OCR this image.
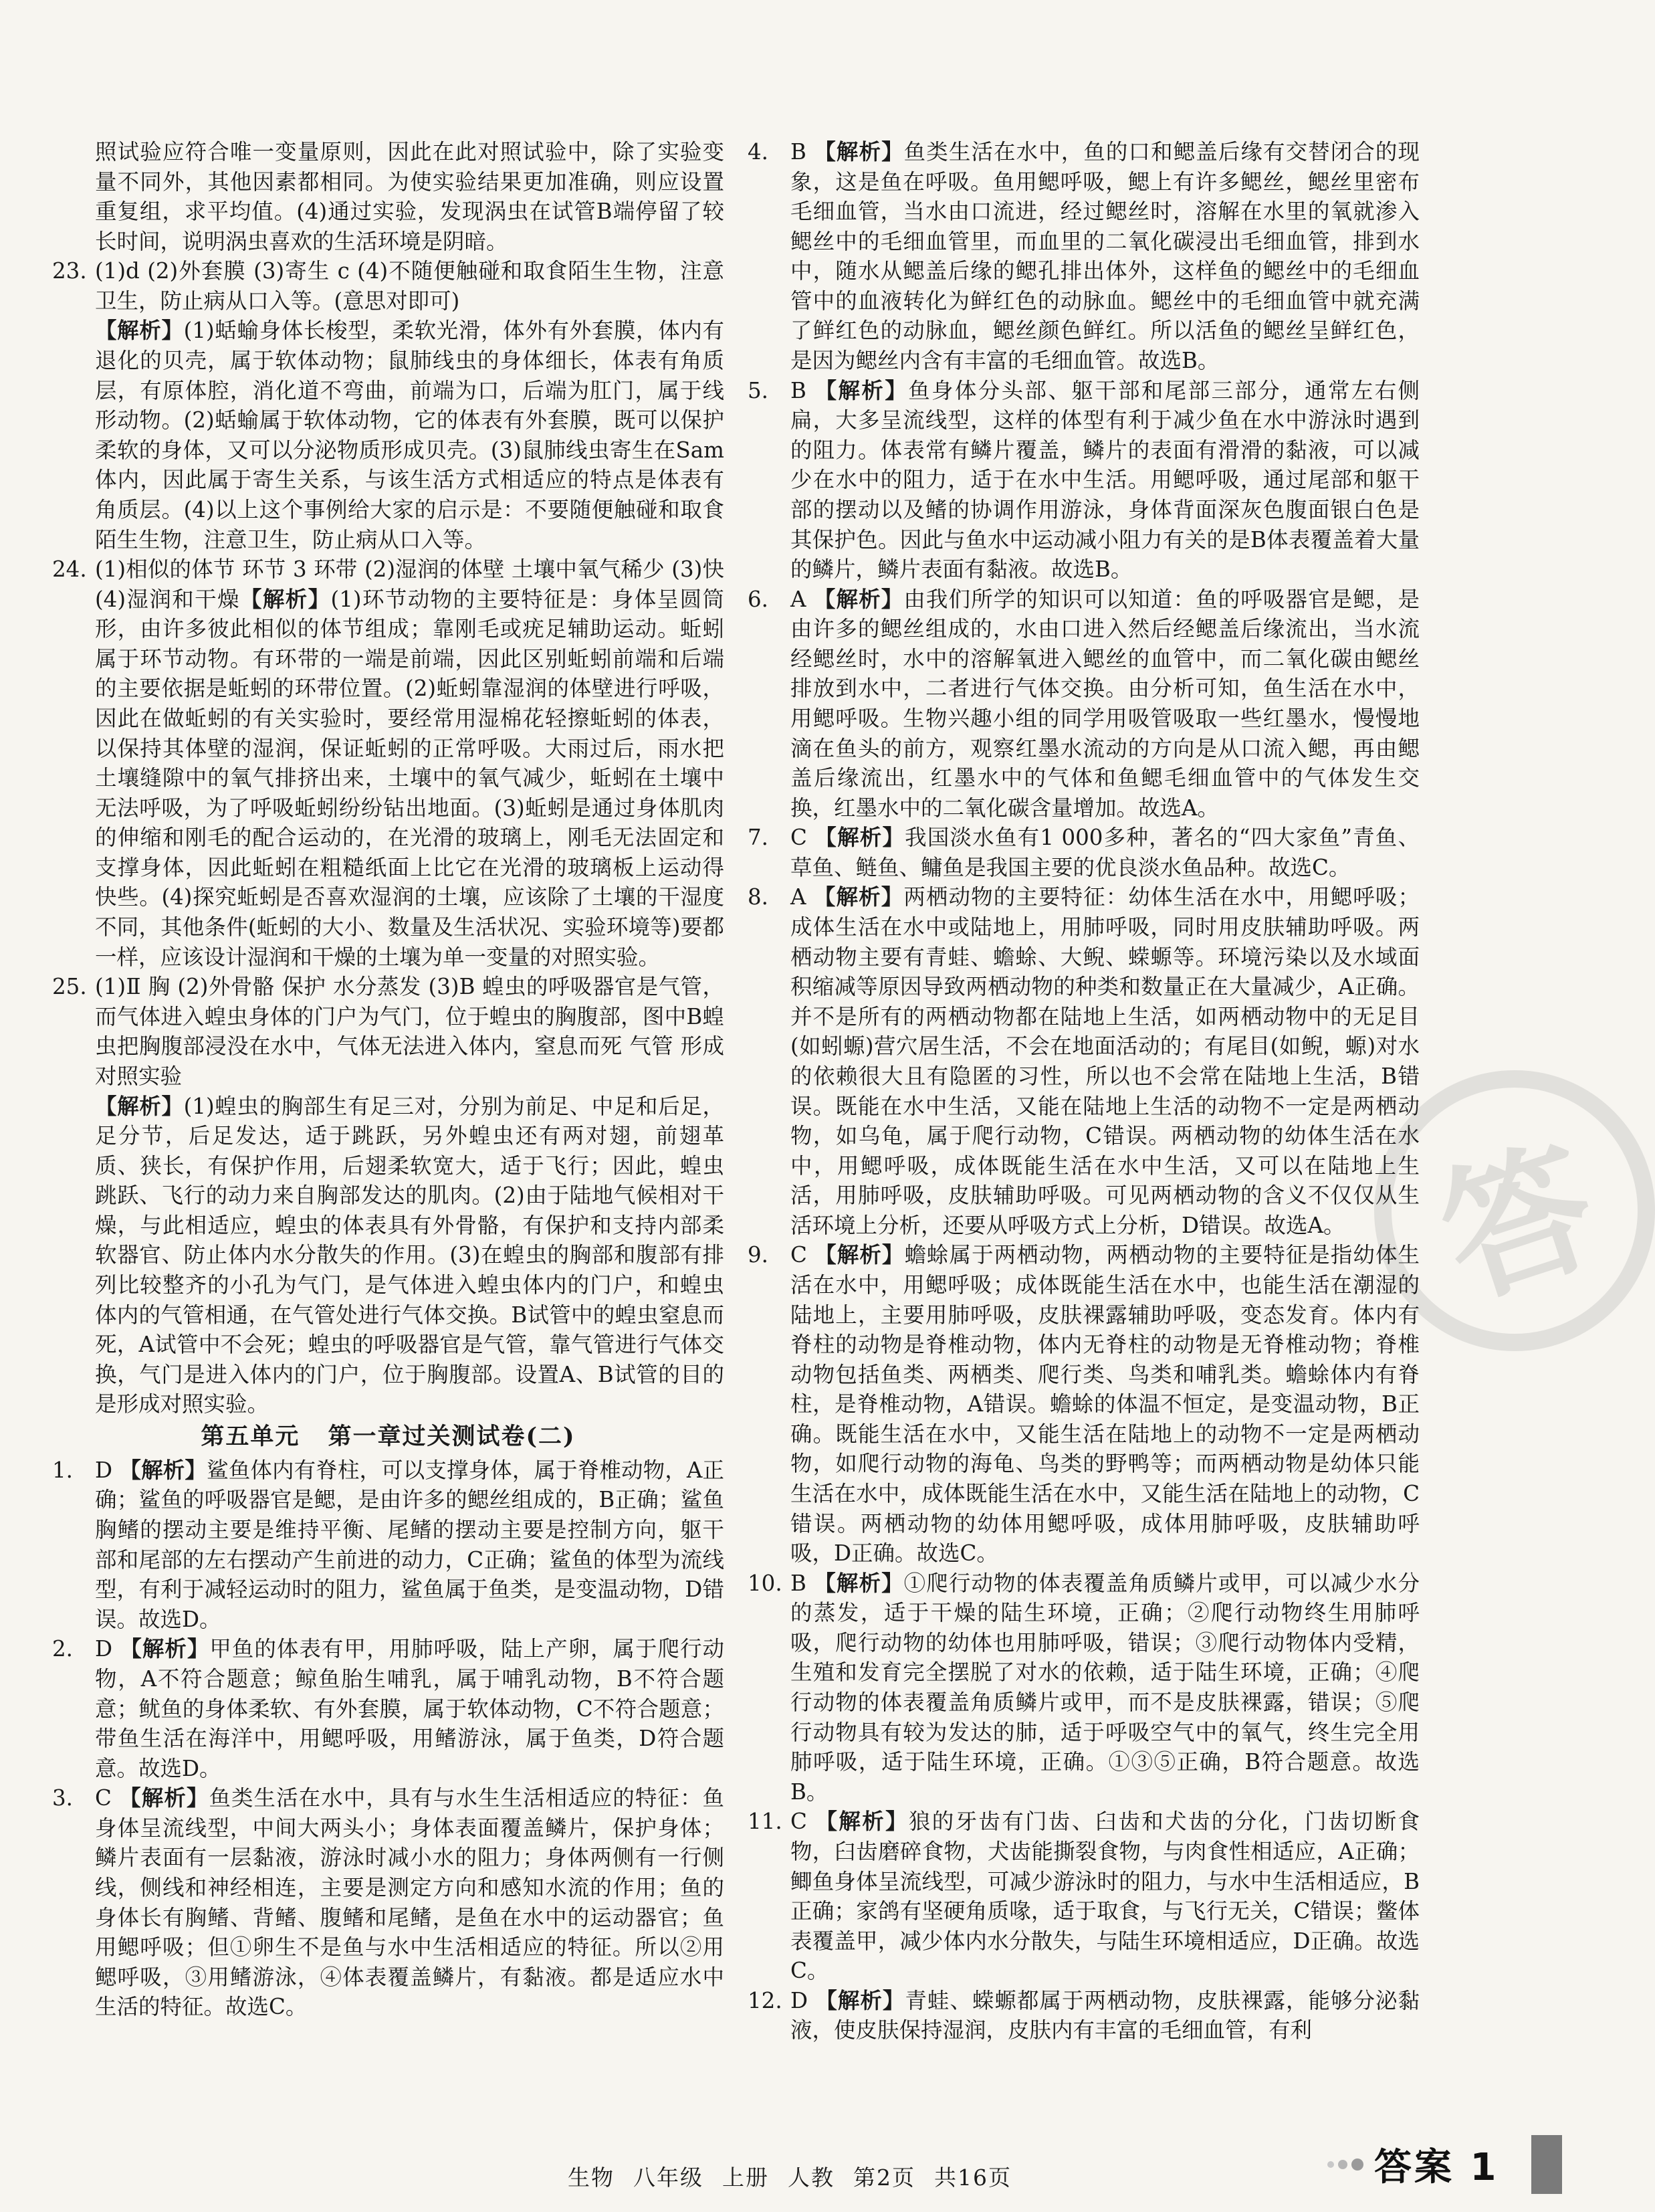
答

照试验应符合唯一变量原则，因此在此对照试验中，除了实验变量不同外，其他因素都相同。为使实验结果更加准确，则应设置重复组，求平均值。(4)通过实验，发现涡虫在试管B端停留了较长时间，说明涡虫喜欢的生活环境是阴暗。

23. (1)d (2)外套膜 (3)寄生 c (4)不随便触碰和取食陌生生物，注意卫生，防止病从口入等。(意思对即可)

【解析】(1)蛞蝓身体长梭型，柔软光滑，体外有外套膜，体内有退化的贝壳，属于软体动物；鼠肺线虫的身体细长，体表有角质层，有原体腔，消化道不弯曲，前端为口，后端为肛门，属于线形动物。(2)蛞蝓属于软体动物，它的体表有外套膜，既可以保护柔软的身体，又可以分泌物质形成贝壳。(3)鼠肺线虫寄生在Sam体内，因此属于寄生关系，与该生活方式相适应的特点是体表有角质层。(4)以上这个事例给大家的启示是：不要随便触碰和取食陌生生物，注意卫生，防止病从口入等。

24. (1)相似的体节 环节 3 环带 (2)湿润的体壁 土壤中氧气稀少 (3)快 (4)湿润和干燥【解析】(1)环节动物的主要特征是：身体呈圆筒形，由许多彼此相似的体节组成；靠刚毛或疣足辅助运动。蚯蚓属于环节动物。有环带的一端是前端，因此区别蚯蚓前端和后端的主要依据是蚯蚓的环带位置。(2)蚯蚓靠湿润的体壁进行呼吸，因此在做蚯蚓的有关实验时，要经常用湿棉花轻擦蚯蚓的体表，以保持其体壁的湿润，保证蚯蚓的正常呼吸。大雨过后，雨水把土壤缝隙中的氧气排挤出来，土壤中的氧气减少，蚯蚓在土壤中无法呼吸，为了呼吸蚯蚓纷纷钻出地面。(3)蚯蚓是通过身体肌肉的伸缩和刚毛的配合运动的，在光滑的玻璃上，刚毛无法固定和支撑身体，因此蚯蚓在粗糙纸面上比它在光滑的玻璃板上运动得快些。(4)探究蚯蚓是否喜欢湿润的土壤，应该除了土壤的干湿度不同，其他条件(蚯蚓的大小、数量及生活状况、实验环境等)要都一样，应该设计湿润和干燥的土壤为单一变量的对照实验。

25. (1)Ⅱ 胸 (2)外骨骼 保护 水分蒸发 (3)B 蝗虫的呼吸器官是气管，而气体进入蝗虫身体的门户为气门，位于蝗虫的胸腹部，图中B蝗虫把胸腹部浸没在水中，气体无法进入体内，窒息而死 气管 形成对照实验

【解析】(1)蝗虫的胸部生有足三对，分别为前足、中足和后足，足分节，后足发达，适于跳跃，另外蝗虫还有两对翅，前翅革质、狭长，有保护作用，后翅柔软宽大，适于飞行；因此，蝗虫跳跃、飞行的动力来自胸部发达的肌肉。(2)由于陆地气候相对干燥，与此相适应，蝗虫的体表具有外骨骼，有保护和支持内部柔软器官、防止体内水分散失的作用。(3)在蝗虫的胸部和腹部有排列比较整齐的小孔为气门，是气体进入蝗虫体内的门户，和蝗虫体内的气管相通，在气管处进行气体交换。B试管中的蝗虫窒息而死，A试管中不会死；蝗虫的呼吸器官是气管，靠气管进行气体交换，气门是进入体内的门户，位于胸腹部。设置A、B试管的目的是形成对照实验。

第五单元 第一章过关测试卷(二)

1. D 【解析】鲨鱼体内有脊柱，可以支撑身体，属于脊椎动物，A正确；鲨鱼的呼吸器官是鳃，是由许多的鳃丝组成的，B正确；鲨鱼胸鳍的摆动主要是维持平衡、尾鳍的摆动主要是控制方向，躯干部和尾部的左右摆动产生前进的动力，C正确；鲨鱼的体型为流线型，有利于减轻运动时的阻力，鲨鱼属于鱼类，是变温动物，D错误。故选D。

2. D 【解析】甲鱼的体表有甲，用肺呼吸，陆上产卵，属于爬行动物，A不符合题意；鲸鱼胎生哺乳，属于哺乳动物，B不符合题意；鱿鱼的身体柔软、有外套膜，属于软体动物，C不符合题意；带鱼生活在海洋中，用鳃呼吸，用鳍游泳，属于鱼类，D符合题意。故选D。

3. C 【解析】鱼类生活在水中，具有与水生生活相适应的特征：鱼身体呈流线型，中间大两头小；身体表面覆盖鳞片，保护身体；鳞片表面有一层黏液，游泳时减小水的阻力；身体两侧有一行侧线，侧线和神经相连，主要是测定方向和感知水流的作用；鱼的身体长有胸鳍、背鳍、腹鳍和尾鳍，是鱼在水中的运动器官；鱼用鳃呼吸；但①卵生不是鱼与水中生活相适应的特征。所以②用鳃呼吸，③用鳍游泳，④体表覆盖鳞片，有黏液。都是适应水中生活的特征。故选C。

4. B 【解析】鱼类生活在水中，鱼的口和鳃盖后缘有交替闭合的现象，这是鱼在呼吸。鱼用鳃呼吸，鳃上有许多鳃丝，鳃丝里密布毛细血管，当水由口流进，经过鳃丝时，溶解在水里的氧就渗入鳃丝中的毛细血管里，而血里的二氧化碳浸出毛细血管，排到水中，随水从鳃盖后缘的鳃孔排出体外，这样鱼的鳃丝中的毛细血管中的血液转化为鲜红色的动脉血。鳃丝中的毛细血管中就充满了鲜红色的动脉血，鳃丝颜色鲜红。所以活鱼的鳃丝呈鲜红色，是因为鳃丝内含有丰富的毛细血管。故选B。

5. B 【解析】鱼身体分头部、躯干部和尾部三部分，通常左右侧扁，大多呈流线型，这样的体型有利于减少鱼在水中游泳时遇到的阻力。体表常有鳞片覆盖，鳞片的表面有滑滑的黏液，可以减少在水中的阻力，适于在水中生活。用鳃呼吸，通过尾部和躯干部的摆动以及鳍的协调作用游泳，身体背面深灰色腹面银白色是其保护色。因此与鱼水中运动减小阻力有关的是B体表覆盖着大量的鳞片，鳞片表面有黏液。故选B。

6. A 【解析】由我们所学的知识可以知道：鱼的呼吸器官是鳃，是由许多的鳃丝组成的，水由口进入然后经鳃盖后缘流出，当水流经鳃丝时，水中的溶解氧进入鳃丝的血管中，而二氧化碳由鳃丝排放到水中，二者进行气体交换。由分析可知，鱼生活在水中，用鳃呼吸。生物兴趣小组的同学用吸管吸取一些红墨水，慢慢地滴在鱼头的前方，观察红墨水流动的方向是从口流入鳃，再由鳃盖后缘流出，红墨水中的气体和鱼鳃毛细血管中的气体发生交换，红墨水中的二氧化碳含量增加。故选A。

7. C 【解析】我国淡水鱼有1 000多种，著名的“四大家鱼”青鱼、草鱼、鲢鱼、鳙鱼是我国主要的优良淡水鱼品种。故选C。

8. A 【解析】两栖动物的主要特征：幼体生活在水中，用鳃呼吸；成体生活在水中或陆地上，用肺呼吸，同时用皮肤辅助呼吸。两栖动物主要有青蛙、蟾蜍、大鲵、蝾螈等。环境污染以及水域面积缩减等原因导致两栖动物的种类和数量正在大量减少，A正确。并不是所有的两栖动物都在陆地上生活，如两栖动物中的无足目(如蚓螈)营穴居生活，不会在地面活动的；有尾目(如鲵，螈)对水的依赖很大且有隐匿的习性，所以也不会常在陆地上生活，B错误。既能在水中生活，又能在陆地上生活的动物不一定是两栖动物，如乌龟，属于爬行动物，C错误。两栖动物的幼体生活在水中，用鳃呼吸，成体既能生活在水中生活，又可以在陆地上生活，用肺呼吸，皮肤辅助呼吸。可见两栖动物的含义不仅仅从生活环境上分析，还要从呼吸方式上分析，D错误。故选A。

9. C 【解析】蟾蜍属于两栖动物，两栖动物的主要特征是指幼体生活在水中，用鳃呼吸；成体既能生活在水中，也能生活在潮湿的陆地上，主要用肺呼吸，皮肤裸露辅助呼吸，变态发育。体内有脊柱的动物是脊椎动物，体内无脊柱的动物是无脊椎动物；脊椎动物包括鱼类、两栖类、爬行类、鸟类和哺乳类。蟾蜍体内有脊柱，是脊椎动物，A错误。蟾蜍的体温不恒定，是变温动物，B正确。既能生活在水中，又能生活在陆地上的动物不一定是两栖动物，如爬行动物的海龟、鸟类的野鸭等；而两栖动物是幼体只能生活在水中，成体既能生活在水中，又能生活在陆地上的动物，C错误。两栖动物的幼体用鳃呼吸，成体用肺呼吸，皮肤辅助呼吸，D正确。故选C。

10. B 【解析】①爬行动物的体表覆盖角质鳞片或甲，可以减少水分的蒸发，适于干燥的陆生环境，正确；②爬行动物终生用肺呼吸，爬行动物的幼体也用肺呼吸，错误；③爬行动物体内受精，生殖和发育完全摆脱了对水的依赖，适于陆生环境，正确；④爬行动物的体表覆盖角质鳞片或甲，而不是皮肤裸露，错误；⑤爬行动物具有较为发达的肺，适于呼吸空气中的氧气，终生完全用肺呼吸，适于陆生环境，正确。①③⑤正确，B符合题意。故选B。

11. C 【解析】狼的牙齿有门齿、臼齿和犬齿的分化，门齿切断食物，臼齿磨碎食物，犬齿能撕裂食物，与肉食性相适应，A正确；鲫鱼身体呈流线型，可减少游泳时的阻力，与水中生活相适应，B正确；家鸽有坚硬角质喙，适于取食，与飞行无关，C错误；鳖体表覆盖甲，减少体内水分散失，与陆生环境相适应，D正确。故选C。

12. D 【解析】青蛙、蝾螈都属于两栖动物，皮肤裸露，能够分泌黏液，使皮肤保持湿润，皮肤内有丰富的毛细血管，有利

生物 八年级 上册 人教 第2页 共16页	答案 1
